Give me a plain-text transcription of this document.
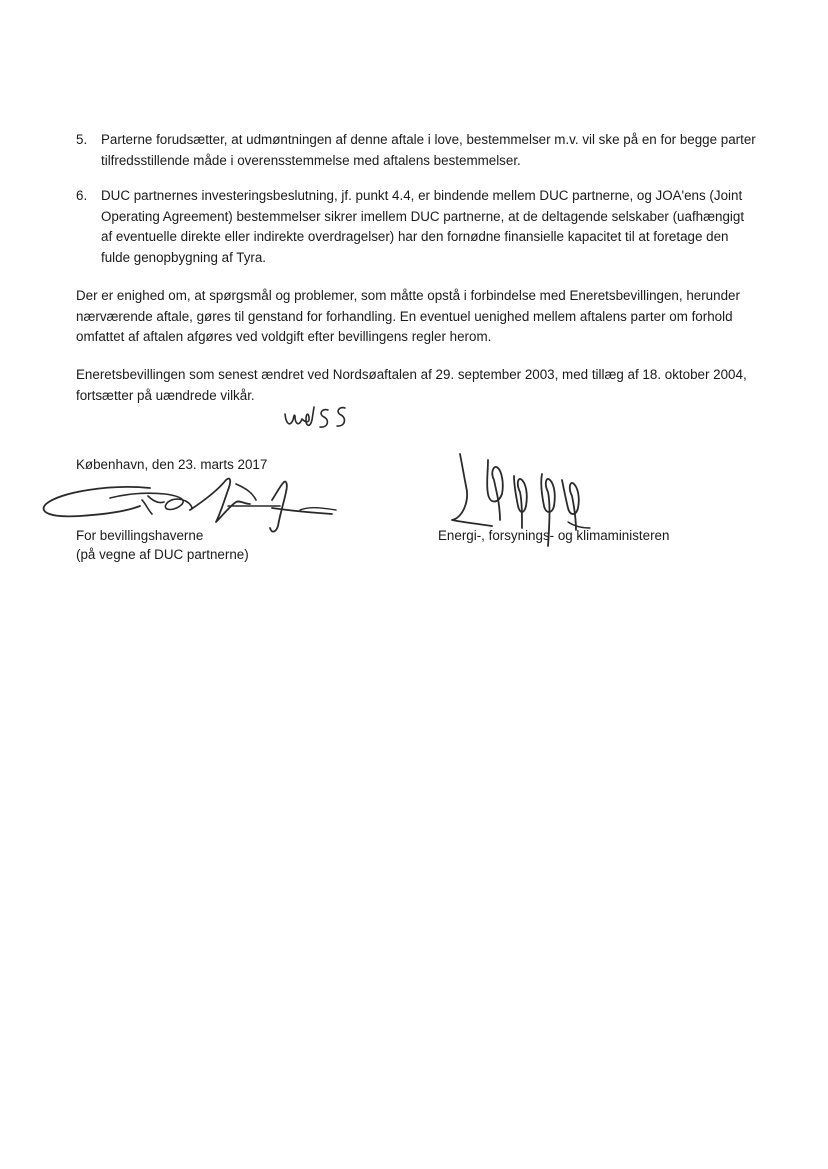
5.	Parterne forudsætter, at udmøntningen af denne aftale i love, bestemmelser m.v. vil ske på en for begge parter tilfredsstillende måde i overensstemmelse med aftalens bestemmelser.
6.	DUC partnernes investeringsbeslutning, jf. punkt 4.4, er bindende mellem DUC partnerne, og JOA'ens (Joint Operating Agreement) bestemmelser sikrer imellem DUC partnerne, at de deltagende selskaber (uafhængigt af eventuelle direkte eller indirekte overdragelser) har den fornødne finansielle kapacitet til at foretage den fulde genopbygning af Tyra.
Der er enighed om, at spørgsmål og problemer, som måtte opstå i forbindelse med Eneretsbevillingen, herunder nærværende aftale, gøres til genstand for forhandling. En eventuel uenighed mellem aftalens parter om forhold omfattet af aftalen afgøres ved voldgift efter bevillingens regler herom.
Eneretsbevillingen som senest ændret ved Nordsøaftalen af 29. september 2003, med tillæg af 18. oktober 2004, fortsætter på uændrede vilkår.
København, den 23. marts 2017
For bevillingshaverne
(på vegne af DUC partnerne)
Energi-, forsynings- og klimaministeren
